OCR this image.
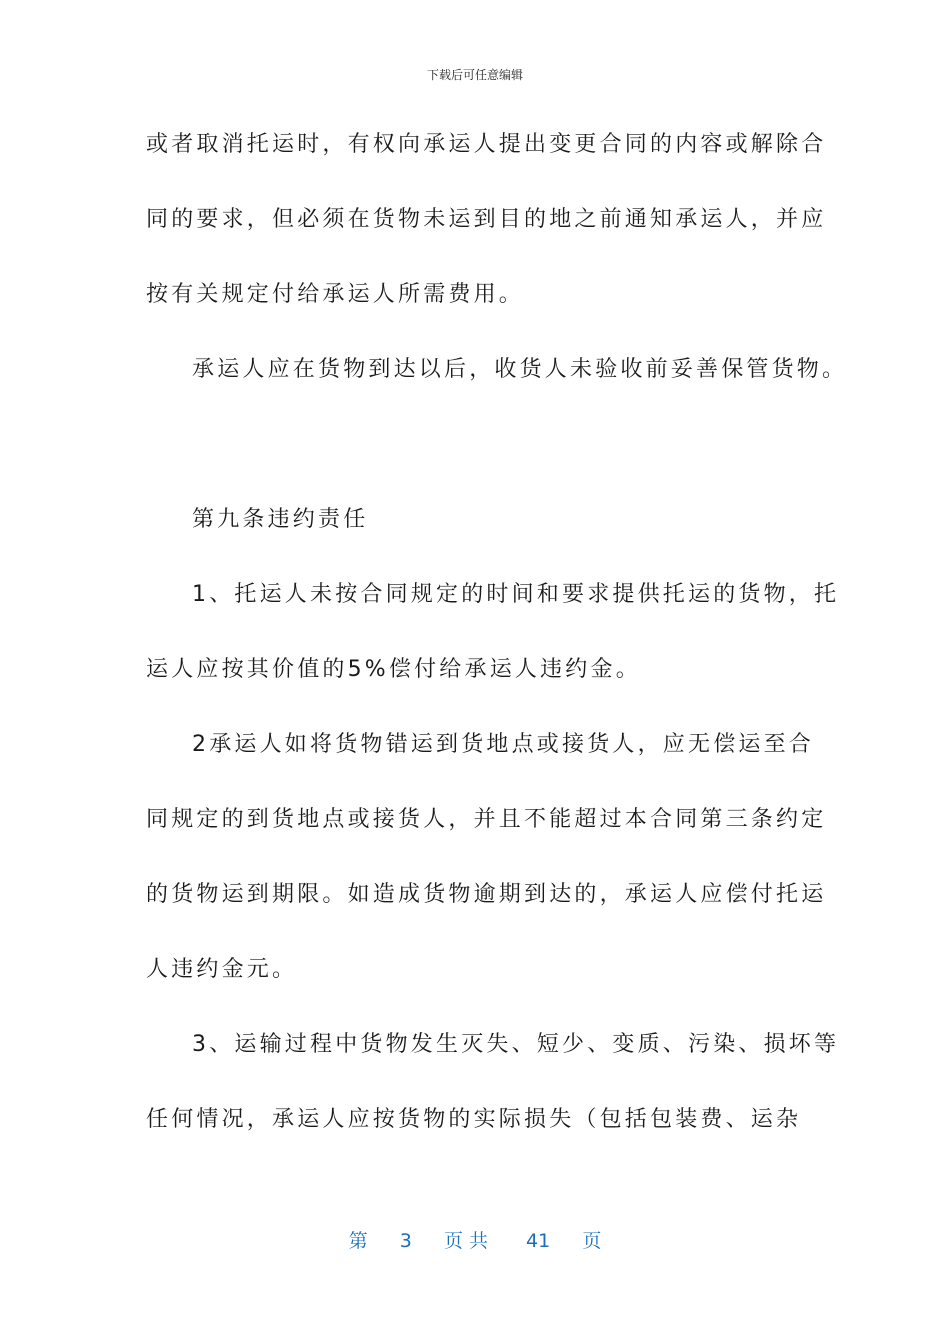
下载后可任意编辑
或者取消托运时，有权向承运人提出变更合同的内容或解除合
同的要求，但必须在货物未运到目的地之前通知承运人，并应
按有关规定付给承运人所需费用。
承运人应在货物到达以后，收货人未验收前妥善保管货物。
第九条违约责任
1、托运人未按合同规定的时间和要求提供托运的货物，托
运人应按其价值的5%偿付给承运人违约金。
2承运人如将货物错运到货地点或接货人，应无偿运至合
同规定的到货地点或接货人，并且不能超过本合同第三条约定
的货物运到期限。如造成货物逾期到达的，承运人应偿付托运
人违约金元。
3、运输过程中货物发生灭失、短少、变质、污染、损坏等
任何情况，承运人应按货物的实际损失（包括包装费、运杂
第 3 页共 41 页
